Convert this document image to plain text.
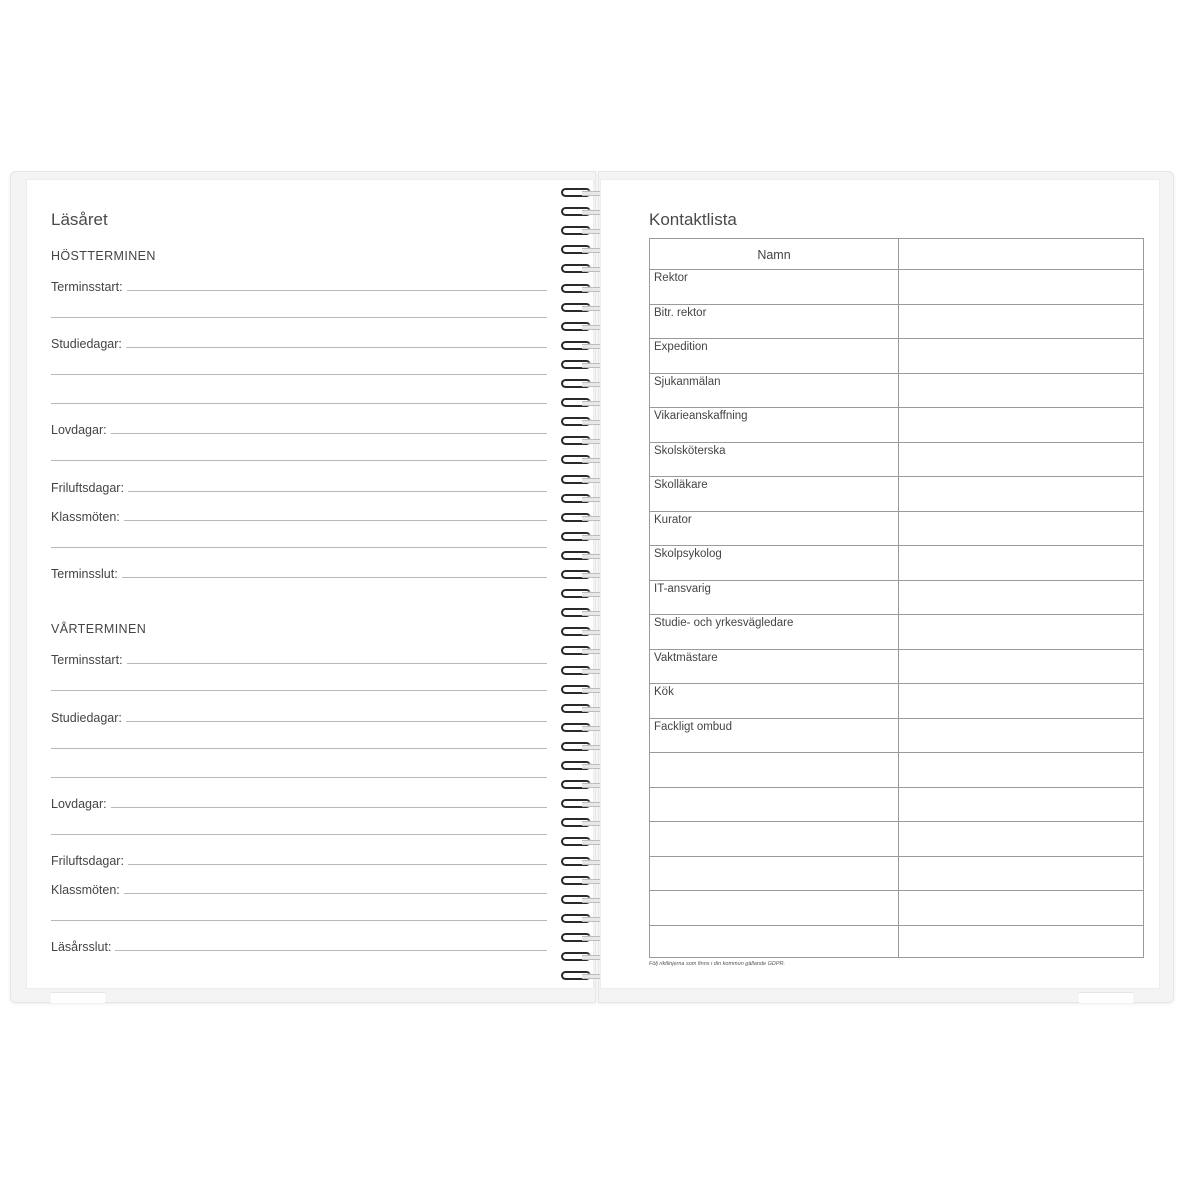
Läsåret
HÖSTTERMINEN
Terminsstart:
Studiedagar:
Lovdagar:
Friluftsdagar:
Klassmöten:
Terminsslut:
VÅRTERMINEN
Terminsstart:
Studiedagar:
Lovdagar:
Friluftsdagar:
Klassmöten:
Läsårsslut:
Kontaktlista
Namn
Rektor
Bitr. rektor
Expedition
Sjukanmälan
Vikarieanskaffning
Skolsköterska
Skolläkare
Kurator
Skolpsykolog
IT-ansvarig
Studie- och yrkesvägledare
Vaktmästare
Kök
Fackligt ombud
Följ riktlinjerna som finns i din kommun gällande GDPR.
